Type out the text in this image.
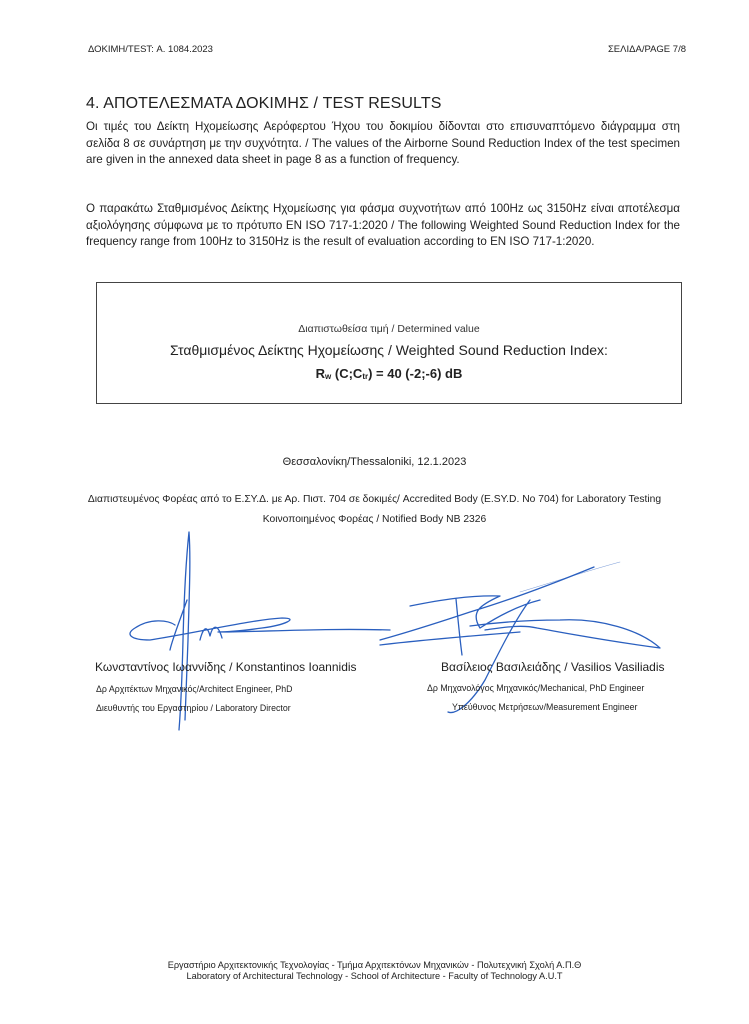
ΔΟΚΙΜΗ/TEST: Α. 1084.2023	ΣΕΛΙΔΑ/PAGE 7/8
4. ΑΠΟΤΕΛΕΣΜΑΤΑ ΔΟΚΙΜΗΣ / TEST RESULTS
Οι τιμές του Δείκτη Ηχομείωσης Αερόφερτου Ήχου του δοκιμίου δίδονται στο επισυναπτόμενο διάγραμμα στη σελίδα 8 σε συνάρτηση με την συχνότητα. / The values of the Airborne Sound Reduction Index of the test specimen are given in the annexed data sheet in page 8 as a function of frequency.
Ο παρακάτω Σταθμισμένος Δείκτης Ηχομείωσης για φάσμα συχνοτήτων από 100Hz ως 3150Hz είναι αποτέλεσμα αξιολόγησης σύμφωνα με το πρότυπο EN ISO 717-1:2020 / The following Weighted Sound Reduction Index for the frequency range from 100Hz to 3150Hz is the result of evaluation according to EN ISO 717-1:2020.
Διαπιστωθείσα τιμή / Determined value
Σταθμισμένος Δείκτης Ηχομείωσης / Weighted Sound Reduction Index:
$R_w$ $(C;C_{tr}) = 40$ (-2;-6) dB
Θεσσαλονίκη/Thessaloniki, 12.1.2023
Διαπιστευμένος Φορέας από το Ε.ΣΥ.Δ. με Αρ. Πιστ. 704 σε δοκιμές/ Accredited Body (E.SY.D. No 704) for Laboratory Testing
Κοινοποιημένος Φορέας / Notified Body NB 2326
Κωνσταντίνος Ιωαννίδης / Konstantinos Ioannidis
Δρ Αρχιτέκτων Μηχανικός/Architect Engineer, PhD
Διευθυντής του Εργαστηρίου / Laboratory Director
Βασίλειος Βασιλειάδης / Vasilios Vasiliadis
Δρ Μηχανολόγος Μηχανικός/Mechanical, PhD Engineer
Υπεύθυνος Μετρήσεων/Measurement Engineer
Εργαστήριο Αρχιτεκτονικής Τεχνολογίας - Τμήμα Αρχιτεκτόνων Μηχανικών - Πολυτεχνική Σχολή Α.Π.Θ
Laboratory of Architectural Technology - School of Architecture - Faculty of Technology A.U.T
